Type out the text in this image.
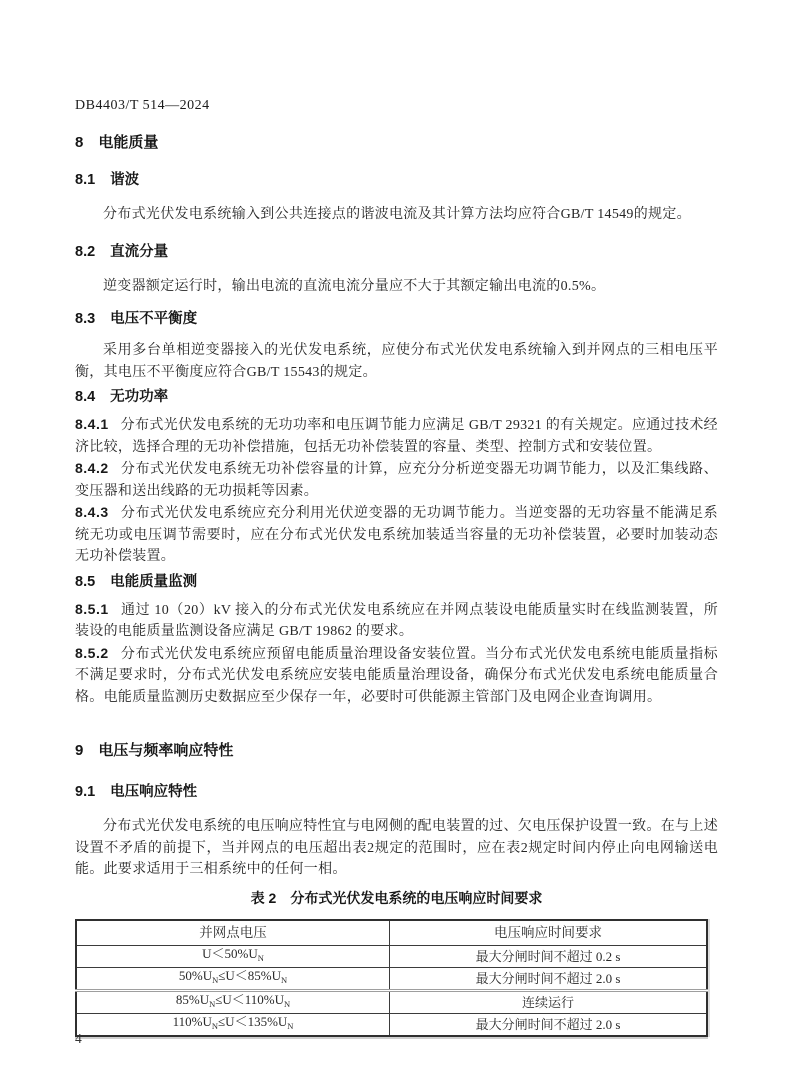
DB4403/T 514—2024
8 电能质量
8.1 谐波

分布式光伏发电系统输入到公共连接点的谐波电流及其计算方法均应符合GB/T 14549的规定。

8.2 直流分量

逆变器额定运行时，输出电流的直流电流分量应不大于其额定输出电流的0.5%。

8.3 电压不平衡度

采用多台单相逆变器接入的光伏发电系统，应使分布式光伏发电系统输入到并网点的三相电压平衡，其电压不平衡度应符合GB/T 15543的规定。

8.4 无功功率

8.4.1 分布式光伏发电系统的无功功率和电压调节能力应满足 GB/T 29321 的有关规定。应通过技术经济比较，选择合理的无功补偿措施，包括无功补偿装置的容量、类型、控制方式和安装位置。

8.4.2 分布式光伏发电系统无功补偿容量的计算，应充分分析逆变器无功调节能力，以及汇集线路、变压器和送出线路的无功损耗等因素。

8.4.3 分布式光伏发电系统应充分利用光伏逆变器的无功调节能力。当逆变器的无功容量不能满足系统无功或电压调节需要时，应在分布式光伏发电系统加装适当容量的无功补偿装置，必要时加装动态无功补偿装置。

8.5 电能质量监测

8.5.1 通过 10（20）kV 接入的分布式光伏发电系统应在并网点装设电能质量实时在线监测装置，所装设的电能质量监测设备应满足 GB/T 19862 的要求。

8.5.2 分布式光伏发电系统应预留电能质量治理设备安装位置。当分布式光伏发电系统电能质量指标不满足要求时，分布式光伏发电系统应安装电能质量治理设备，确保分布式光伏发电系统电能质量合格。电能质量监测历史数据应至少保存一年，必要时可供能源主管部门及电网企业查询调用。

9 电压与频率响应特性
9.1 电压响应特性

分布式光伏发电系统的电压响应特性宜与电网侧的配电装置的过、欠电压保护设置一致。在与上述设置不矛盾的前提下，当并网点的电压超出表2规定的范围时，应在表2规定时间内停止向电网输送电能。此要求适用于三相系统中的任何一相。

表 2 分布式光伏发电系统的电压响应时间要求
并网点电压	电压响应时间要求
$U<50\%U_N$	最大分闸时间不超过 0.2 s
$50\%U_N\le U<85\%U_N$	最大分闸时间不超过 2.0 s
$85\%U_N\le U<110\%U_N$	连续运行
$110\%U_N\le U<135\%U_N$	最大分闸时间不超过 2.0 s
4
